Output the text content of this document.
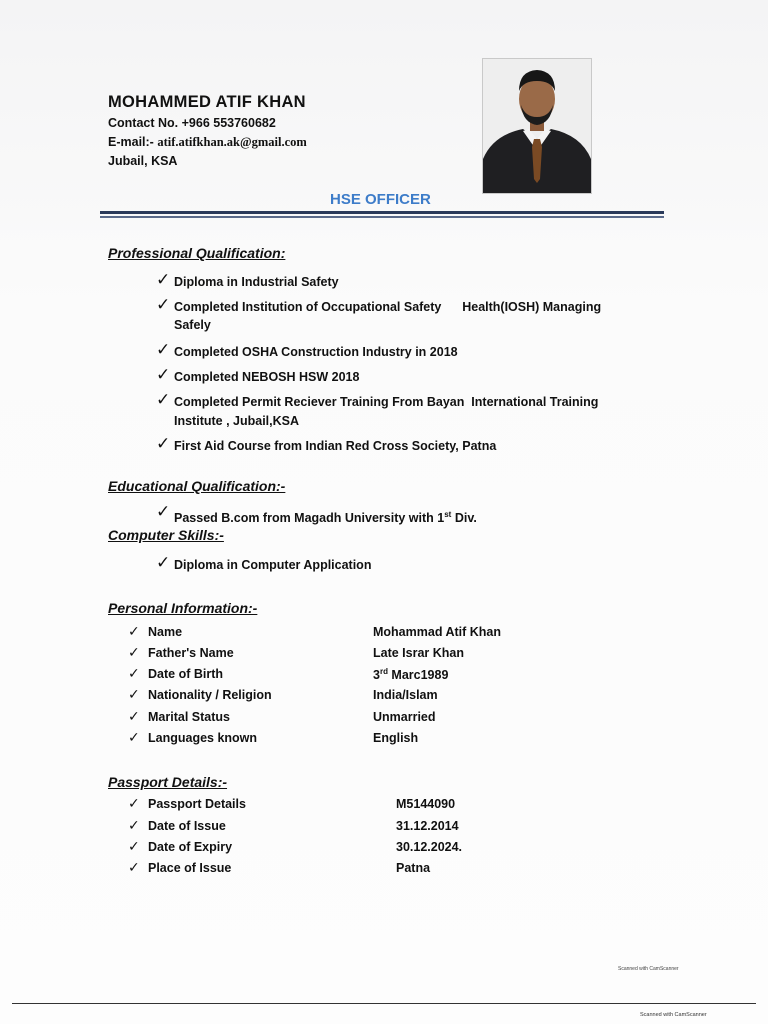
MOHAMMED ATIF KHAN
Contact No. +966 553760682
E-mail:- atif.atifkhan.ak@gmail.com
Jubail, KSA
HSE OFFICER
Professional Qualification:
✓ Diploma in Industrial Safety
✓ Completed Institution of Occupational Safety      Health(IOSH) Managing
Safely
✓ Completed OSHA Construction Industry in 2018
✓ Completed NEBOSH HSW 2018
✓ Completed Permit Reciever Training From Bayan  International Training
Institute , Jubail,KSA
✓ First Aid Course from Indian Red Cross Society, Patna
Educational Qualification:-
✓ Passed B.com from Magadh University with 1st Div.
Computer Skills:-
✓ Diploma in Computer Application
Personal Information:-
✓ Name	Mohammad Atif Khan
✓ Father's Name	Late Israr Khan
✓ Date of Birth	3rd Marc1989
✓ Nationality / Religion	India/Islam
✓ Marital Status	Unmarried
✓ Languages known	English
Passport Details:-
✓ Passport Details	M5144090
✓ Date of Issue	31.12.2014
✓ Date of Expiry	30.12.2024.
✓ Place of Issue	Patna
Scanned with CamScanner
Scanned with CamScanner
